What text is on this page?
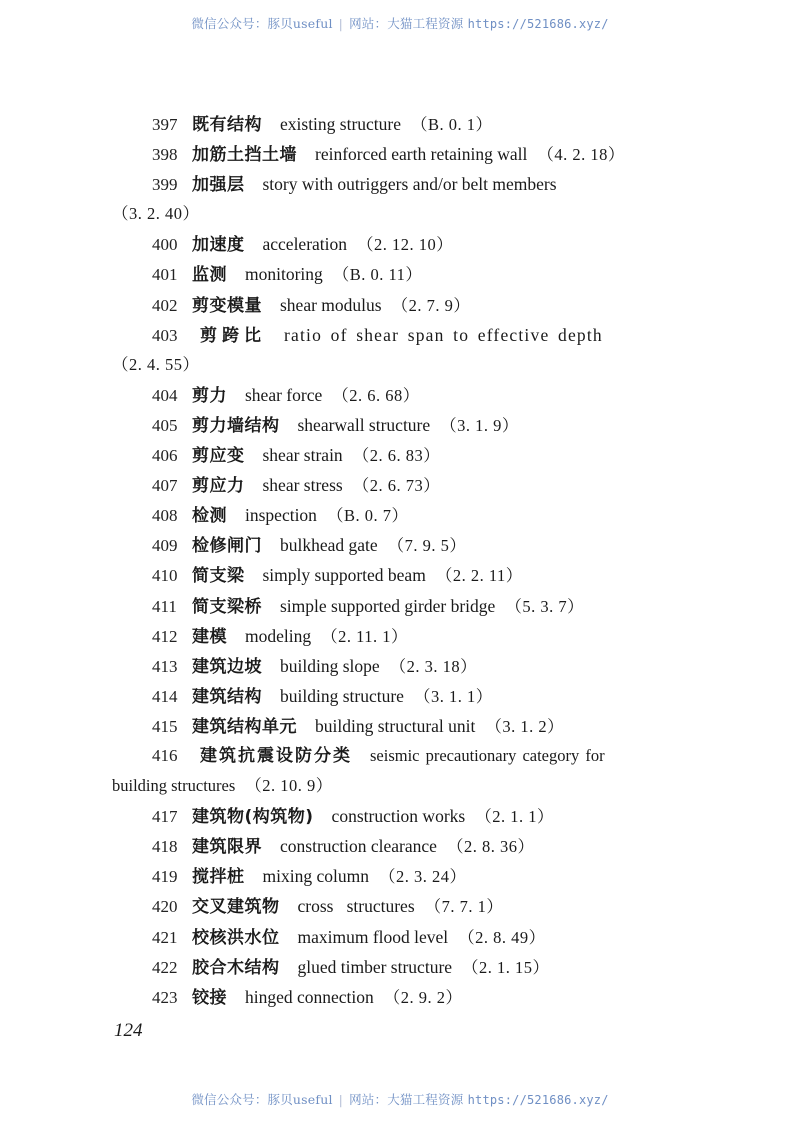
微信公众号：豚贝useful | 网站：大猫工程资源 https://521686.xyz/
397 既有结构 existing structure （B. 0. 1）
398 加筋土挡土墙 reinforced earth retaining wall （4. 2. 18）
399 加强层 story with outriggers and/or belt members
（3. 2. 40）
400 加速度 acceleration （2. 12. 10）
401 监测 monitoring （B. 0. 11）
402 剪变模量 shear modulus （2. 7. 9）
403 剪跨比 ratio of shear span to effective depth
（2. 4. 55）
404 剪力 shear force （2. 6. 68）
405 剪力墙结构 shearwall structure （3. 1. 9）
406 剪应变 shear strain （2. 6. 83）
407 剪应力 shear stress （2. 6. 73）
408 检测 inspection （B. 0. 7）
409 检修闸门 bulkhead gate （7. 9. 5）
410 简支梁 simply supported beam （2. 2. 11）
411 简支梁桥 simple supported girder bridge （5. 3. 7）
412 建模 modeling （2. 11. 1）
413 建筑边坡 building slope （2. 3. 18）
414 建筑结构 building structure （3. 1. 1）
415 建筑结构单元 building structural unit （3. 1. 2）
416 建筑抗震设防分类 seismic precautionary category for
building structures （2. 10. 9）
417 建筑物(构筑物) construction works （2. 1. 1）
418 建筑限界 construction clearance （2. 8. 36）
419 搅拌桩 mixing column （2. 3. 24）
420 交叉建筑物 cross   structures （7. 7. 1）
421 校核洪水位 maximum flood level （2. 8. 49）
422 胶合木结构 glued timber structure （2. 1. 15）
423 铰接 hinged connection （2. 9. 2）
124
微信公众号：豚贝useful | 网站：大猫工程资源 https://521686.xyz/
